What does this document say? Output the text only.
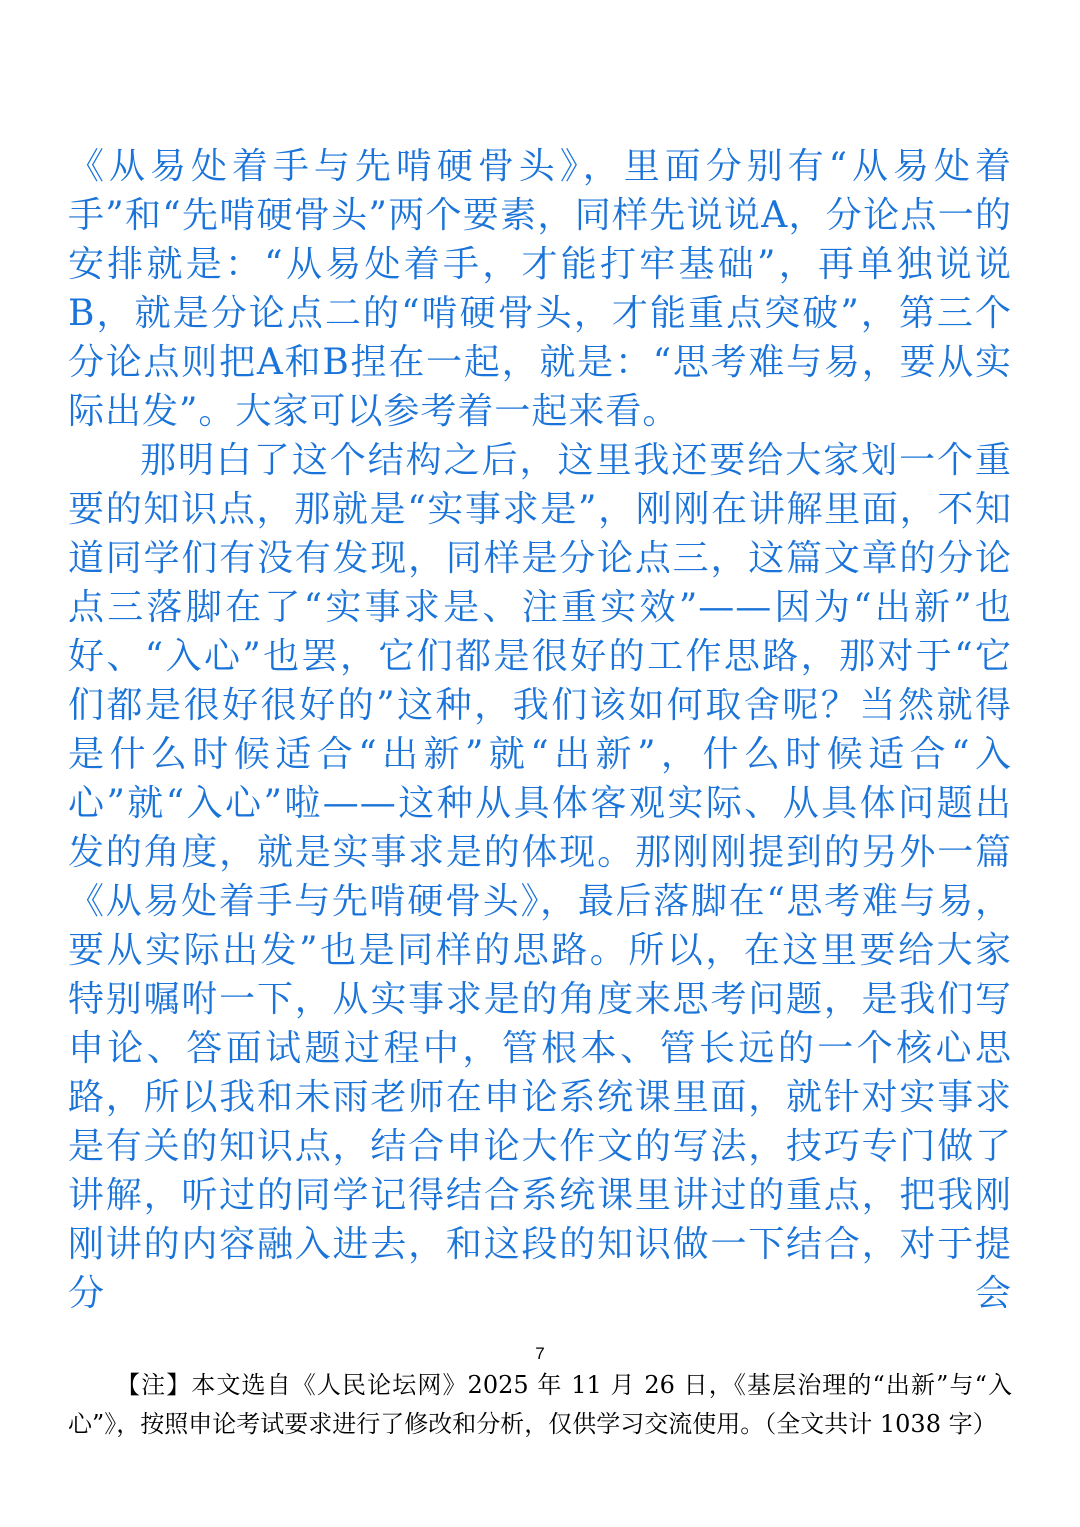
《从易处着手与先啃硬骨头》，里面分别有“从易处着手”和“先啃硬骨头”两个要素，同样先说说A，分论点一的安排就是：“从易处着手，才能打牢基础”，再单独说说B，就是分论点二的“啃硬骨头，才能重点突破”，第三个分论点则把A和B捏在一起，就是：“思考难与易，要从实际出发”。大家可以参考着一起来看。

那明白了这个结构之后，这里我还要给大家划一个重要的知识点，那就是“实事求是”，刚刚在讲解里面，不知道同学们有没有发现，同样是分论点三，这篇文章的分论点三落脚在了“实事求是、注重实效”——因为“出新”也好、“入心”也罢，它们都是很好的工作思路，那对于“它们都是很好很好的”这种，我们该如何取舍呢？当然就得是什么时候适合“出新”就“出新”，什么时候适合“入心”就“入心”啦——这种从具体客观实际、从具体问题出发的角度，就是实事求是的体现。那刚刚提到的另外一篇《从易处着手与先啃硬骨头》，最后落脚在“思考难与易，要从实际出发”也是同样的思路。所以，在这里要给大家特别嘱咐一下，从实事求是的角度来思考问题，是我们写申论、答面试题过程中，管根本、管长远的一个核心思路，所以我和未雨老师在申论系统课里面，就针对实事求是有关的知识点，结合申论大作文的写法，技巧专门做了讲解，听过的同学记得结合系统课里讲过的重点，把我刚刚讲的内容融入进去，和这段的知识做一下结合，对于提分会

7
【注】本文选自《人民论坛网》2025 年 11 月 26 日，《基层治理的“出新”与“入心”》，按照申论考试要求进行了修改和分析，仅供学习交流使用。（全文共计 1038 字）
